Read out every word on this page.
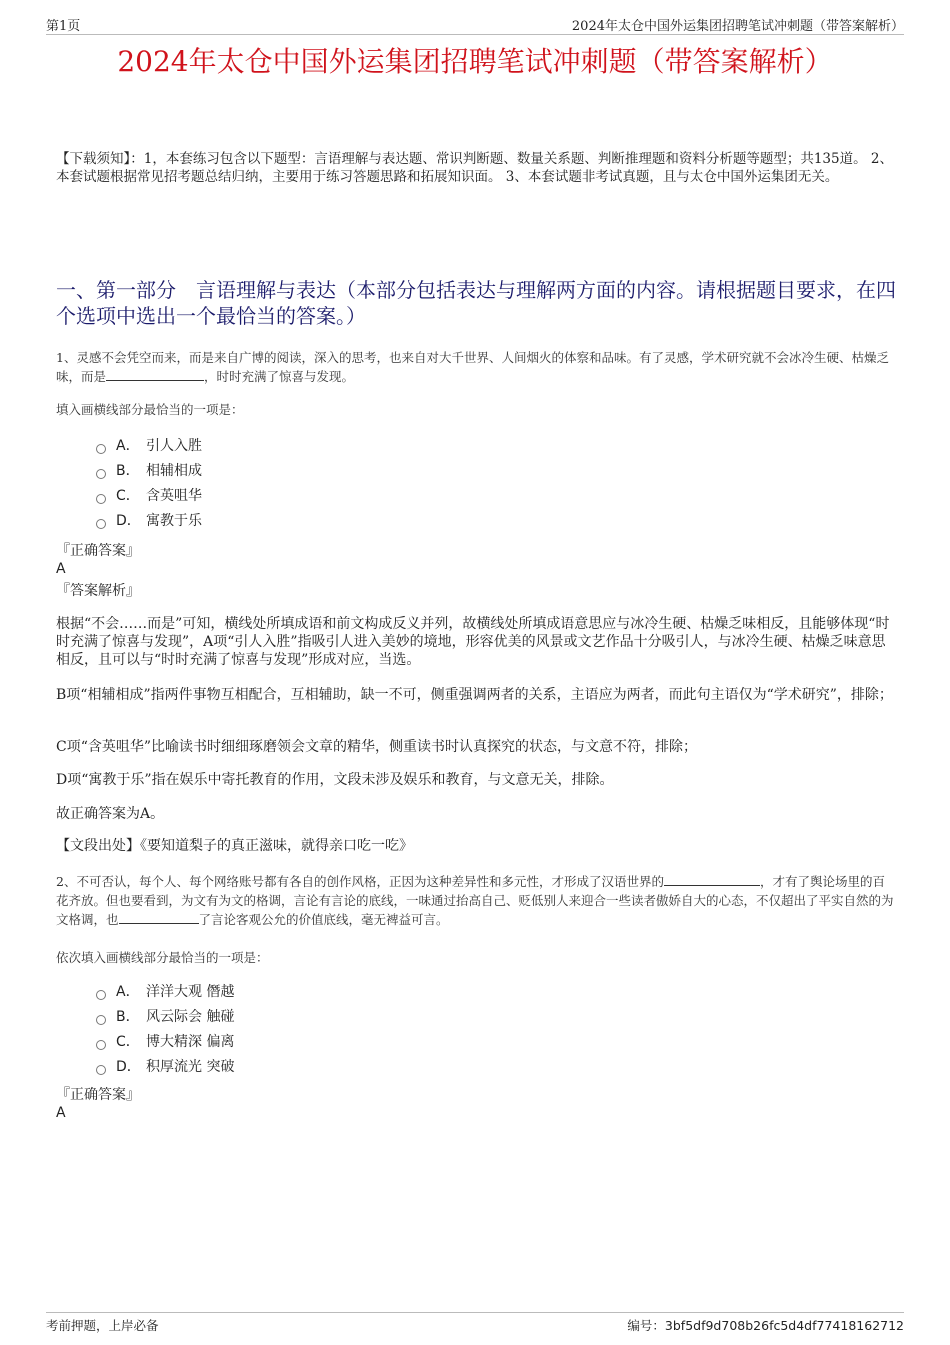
第1页	2024年太仓中国外运集团招聘笔试冲刺题（带答案解析）
2024年太仓中国外运集团招聘笔试冲刺题（带答案解析）
【下载须知】：1，本套练习包含以下题型：言语理解与表达题、常识判断题、数量关系题、判断推理题和资料分析题等题型；共135道。 2、本套试题根据常见招考题总结归纳，主要用于练习答题思路和拓展知识面。 3、本套试题非考试真题，且与太仓中国外运集团无关。
一、第一部分　言语理解与表达（本部分包括表达与理解两方面的内容。请根据题目要求，在四个选项中选出一个最恰当的答案。）
1、灵感不会凭空而来，而是来自广博的阅读，深入的思考，也来自对大千世界、人间烟火的体察和品味。有了灵感，学术研究就不会冰冷生硬、枯燥乏味，而是	，时时充满了惊喜与发现。
填入画横线部分最恰当的一项是：
A． 引人入胜
B． 相辅相成
C． 含英咀华
D． 寓教于乐
『正确答案』
A
『答案解析』
根据“不会……而是”可知，横线处所填成语和前文构成反义并列，故横线处所填成语意思应与冰冷生硬、枯燥乏味相反，且能够体现“时时充满了惊喜与发现”，A项“引人入胜”指吸引人进入美妙的境地，形容优美的风景或文艺作品十分吸引人，与冰冷生硬、枯燥乏味意思相反，且可以与“时时充满了惊喜与发现”形成对应，当选。
B项“相辅相成”指两件事物互相配合，互相辅助，缺一不可，侧重强调两者的关系，主语应为两者，而此句主语仅为“学术研究”，排除；
C项“含英咀华”比喻读书时细细琢磨领会文章的精华，侧重读书时认真探究的状态，与文意不符，排除；
D项“寓教于乐”指在娱乐中寄托教育的作用，文段未涉及娱乐和教育，与文意无关，排除。
故正确答案为A。
【文段出处】《要知道梨子的真正滋味，就得亲口吃一吃》
2、不可否认，每个人、每个网络账号都有各自的创作风格，正因为这种差异性和多元性，才形成了汉语世界的	，才有了舆论场里的百花齐放。但也要看到，为文有为文的格调，言论有言论的底线，一味通过抬高自己、贬低别人来迎合一些读者傲娇自大的心态，不仅超出了平实自然的为文格调，也	了言论客观公允的价值底线，毫无裨益可言。
依次填入画横线部分最恰当的一项是：
A． 洋洋大观 僭越
B． 风云际会 触碰
C． 博大精深 偏离
D． 积厚流光 突破
『正确答案』
A
考前押题，上岸必备	编号：3bf5df9d708b26fc5d4df77418162712
